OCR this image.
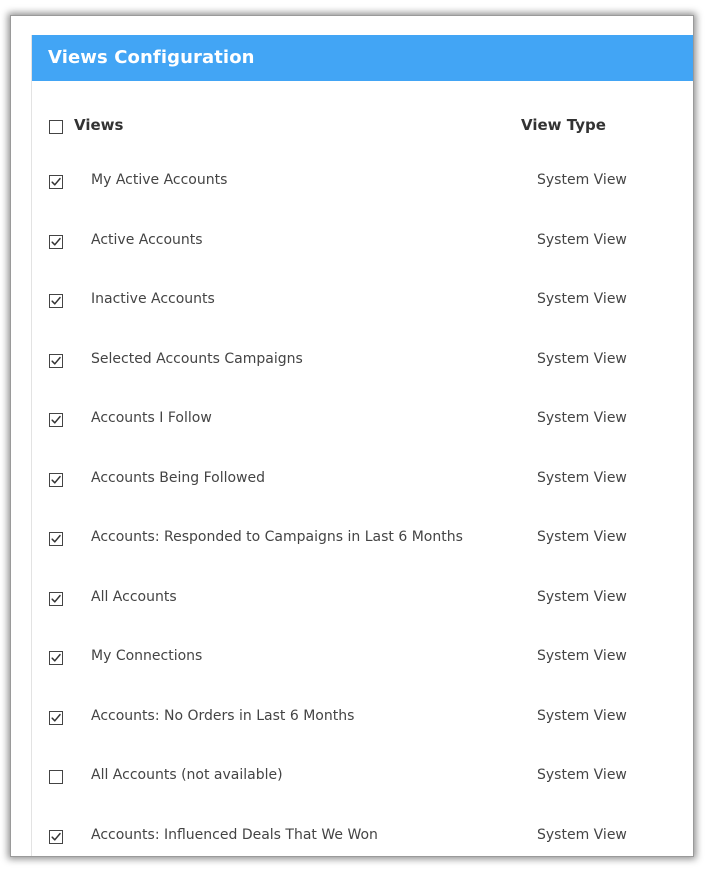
Views Configuration
Views	View Type
My Active Accounts	System View
Active Accounts	System View
Inactive Accounts	System View
Selected Accounts Campaigns	System View
Accounts I Follow	System View
Accounts Being Followed	System View
Accounts: Responded to Campaigns in Last 6 Months	System View
All Accounts	System View
My Connections	System View
Accounts: No Orders in Last 6 Months	System View
All Accounts (not available)	System View
Accounts: Influenced Deals That We Won	System View
